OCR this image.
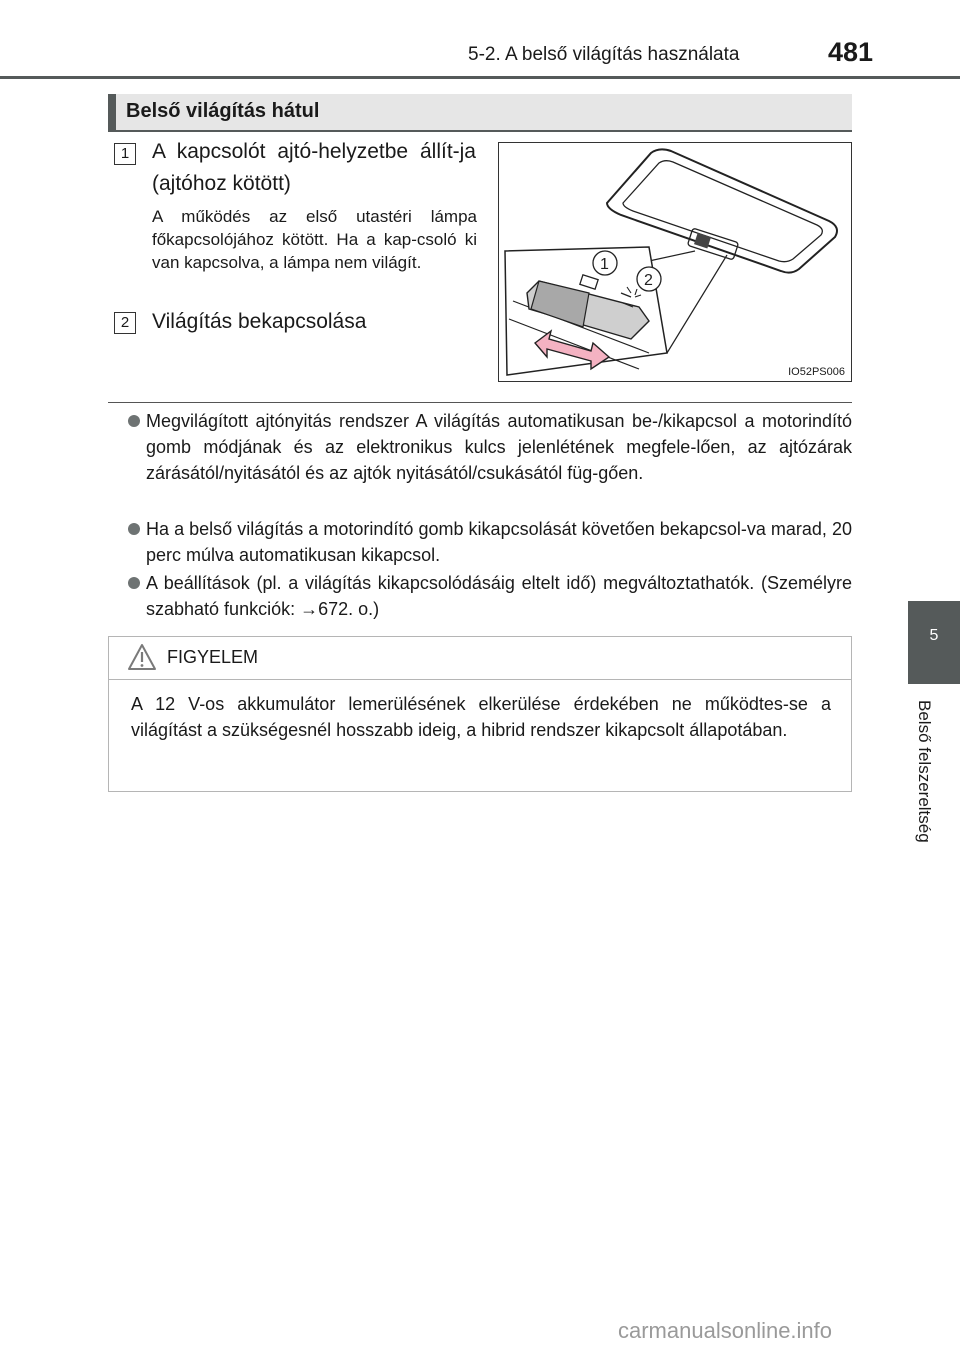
5-2. A belső világítás használata	481
5
Belső felszereltség
Belső világítás hátul
1	A kapcsolót ajtó-helyzetbe állít-ja (ajtóhoz kötött)
A működés az első utastéri lámpa főkapcsolójához kötött. Ha a kap-csoló ki van kapcsolva, a lámpa nem világít.
2	Világítás bekapcsolása
1
2
IO52PS006
Megvilágított ajtónyitás rendszer A világítás automatikusan be-/kikapcsol a motorindító gomb módjának és az elektronikus kulcs jelenlétének megfele-lően, az ajtózárak zárásától/nyitásától és az ajtók nyitásától/csukásától füg-gően.
Ha a belső világítás a motorindító gomb kikapcsolását követően bekapcsol-va marad, 20 perc múlva automatikusan kikapcsol.
A beállítások (pl. a világítás kikapcsolódásáig eltelt idő) megváltoztathatók. (Személyre szabható funkciók: →672. o.)
FIGYELEM
A 12 V-os akkumulátor lemerülésének elkerülése érdekében ne működtes-se a világítást a szükségesnél hosszabb ideig, a hibrid rendszer kikapcsolt állapotában.
carmanualsonline.info
